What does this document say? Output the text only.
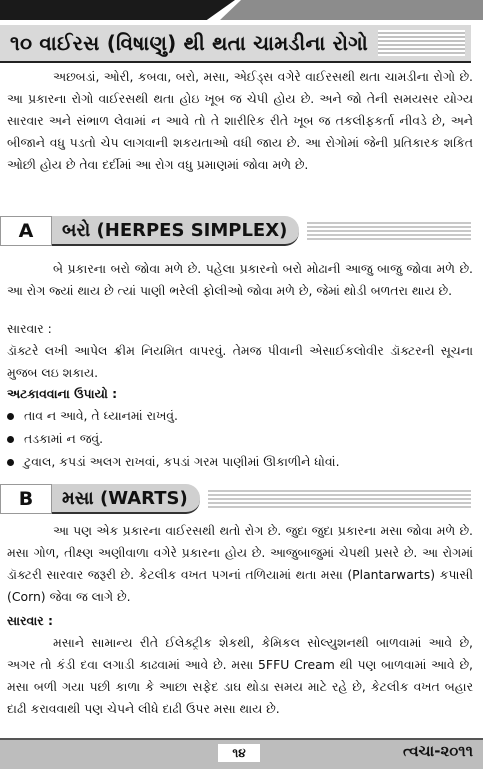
૧૦ વાઈરસ (વિષાણુ) થી થતા ચામડીના રોગો

અછબડાં, ઓરી, કબવા, બરો, મસા, એઈડ્સ વગેરે વાઈરસથી થતા ચામડીના રોગો છે. આ પ્રકારના રોગો વાઈરસથી થતા હોઇ ખૂબ જ ચેપી હોય છે. અને જો તેની સમયસર યોગ્ય સારવાર અને સંભાળ લેવામાં ન આવે તો તે શારીરિક રીતે ખૂબ જ તકલીફકર્તા નીવડે છે, અને બીજાને વધુ પડતો ચેપ લાગવાની શકયતાઓ વધી જાય છે. આ રોગોમાં જેની પ્રતિકારક શકિત ઓછી હોય છે તેવા દર્દીમાં આ રોગ વધુ પ્રમાણમાં જોવા મળે છે.

A	બરો (HERPES SIMPLEX)

બે પ્રકારના બરો જોવા મળે છે. પહેલા પ્રકારનો બરો મોઢાની આજુ બાજુ જોવા મળે છે. આ રોગ જ્યાં થાય છે ત્યાં પાણી ભરેલી ફોલીઓ જોવા મળે છે, જેમાં થોડી બળતરા થાય છે.

સારવાર :

ડૉક્ટરે લખી આપેલ ક્રીમ નિયમિત વાપરવું. તેમજ પીવાની એસાઈકલોવીર ડૉક્ટરની સૂચના મુજબ લઇ શકાય.

અટકાવવાના ઉપાયો :

તાવ ન આવે, તે ધ્યાનમાં રાખવું.
તડકામાં ન જવું.
ટુવાલ, કપડાં અલગ રાખવાં, કપડાં ગરમ પાણીમાં ઊકાળીને ધોવાં.
B	મસા (WARTS)

આ પણ એક પ્રકારના વાઈરસથી થતો રોગ છે. જુદા જુદા પ્રકારના મસા જોવા મળે છે. મસા ગોળ, તીક્ષ્ણ અણીવાળા વગેરે પ્રકારના હોય છે. આજુબાજુમાં ચેપથી પ્રસરે છે. આ રોગમાં ડૉક્ટરી સારવાર જરૂરી છે. કેટલીક વખત પગનાં તળિયામાં થતા મસા (Plantarwarts) કપાસી (Corn) જેવા જ લાગે છે.

સારવાર :

મસાને સામાન્ય રીતે ઈલેક્ટ્રીક શેકથી, કેમિકલ સોલ્યુશનથી બાળવામાં આવે છે, અગર તો કંડી દવા લગાડી કાઢવામાં આવે છે. મસા 5FFU Cream થી પણ બાળવામાં આવે છે, મસા બળી ગયા પછી કાળા કે આછા સફેદ ડાઘ થોડા સમય માટે રહે છે, કેટલીક વખત બહાર દાઢી કરાવવાથી પણ ચેપને લીધે દાઢી ઉપર મસા થાય છે.

૧૪	ત્વચા-૨૦૧૧
